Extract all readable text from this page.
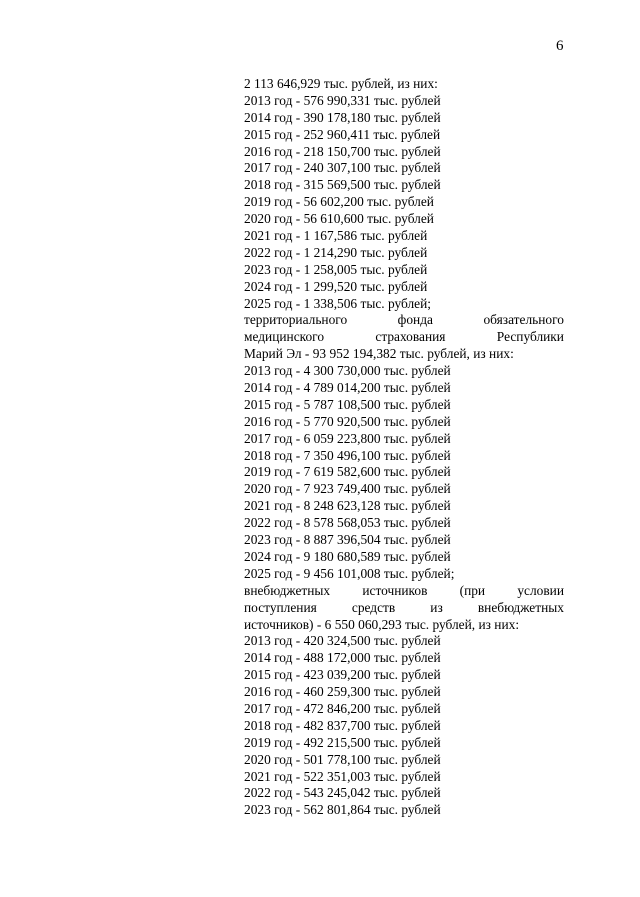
6
2 113 646,929 тыс. рублей, из них:
2013 год - 576 990,331 тыс. рублей
2014 год - 390 178,180 тыс. рублей
2015 год - 252 960,411 тыс. рублей
2016 год - 218 150,700 тыс. рублей
2017 год - 240 307,100 тыс. рублей
2018 год - 315 569,500 тыс. рублей
2019 год - 56 602,200 тыс. рублей
2020 год - 56 610,600 тыс. рублей
2021 год - 1 167,586 тыс. рублей
2022 год - 1 214,290 тыс. рублей
2023 год - 1 258,005 тыс. рублей
2024 год - 1 299,520 тыс. рублей
2025 год - 1 338,506 тыс. рублей;
территориального	фонда	обязательного
медицинского	страхования	Республики
Марий Эл - 93 952 194,382 тыс. рублей, из них:
2013 год - 4 300 730,000 тыс. рублей
2014 год - 4 789 014,200 тыс. рублей
2015 год - 5 787 108,500 тыс. рублей
2016 год - 5 770 920,500 тыс. рублей
2017 год - 6 059 223,800 тыс. рублей
2018 год - 7 350 496,100 тыс. рублей
2019 год - 7 619 582,600 тыс. рублей
2020 год - 7 923 749,400 тыс. рублей
2021 год - 8 248 623,128 тыс. рублей
2022 год - 8 578 568,053 тыс. рублей
2023 год - 8 887 396,504 тыс. рублей
2024 год - 9 180 680,589 тыс. рублей
2025 год - 9 456 101,008 тыс. рублей;
внебюджетных источников (при условии
поступления	средств	из	внебюджетных
источников) - 6 550 060,293 тыс. рублей, из них:
2013 год - 420 324,500 тыс. рублей
2014 год - 488 172,000 тыс. рублей
2015 год - 423 039,200 тыс. рублей
2016 год - 460 259,300 тыс. рублей
2017 год - 472 846,200 тыс. рублей
2018 год - 482 837,700 тыс. рублей
2019 год - 492 215,500 тыс. рублей
2020 год - 501 778,100 тыс. рублей
2021 год - 522 351,003 тыс. рублей
2022 год - 543 245,042 тыс. рублей
2023 год - 562 801,864 тыс. рублей
